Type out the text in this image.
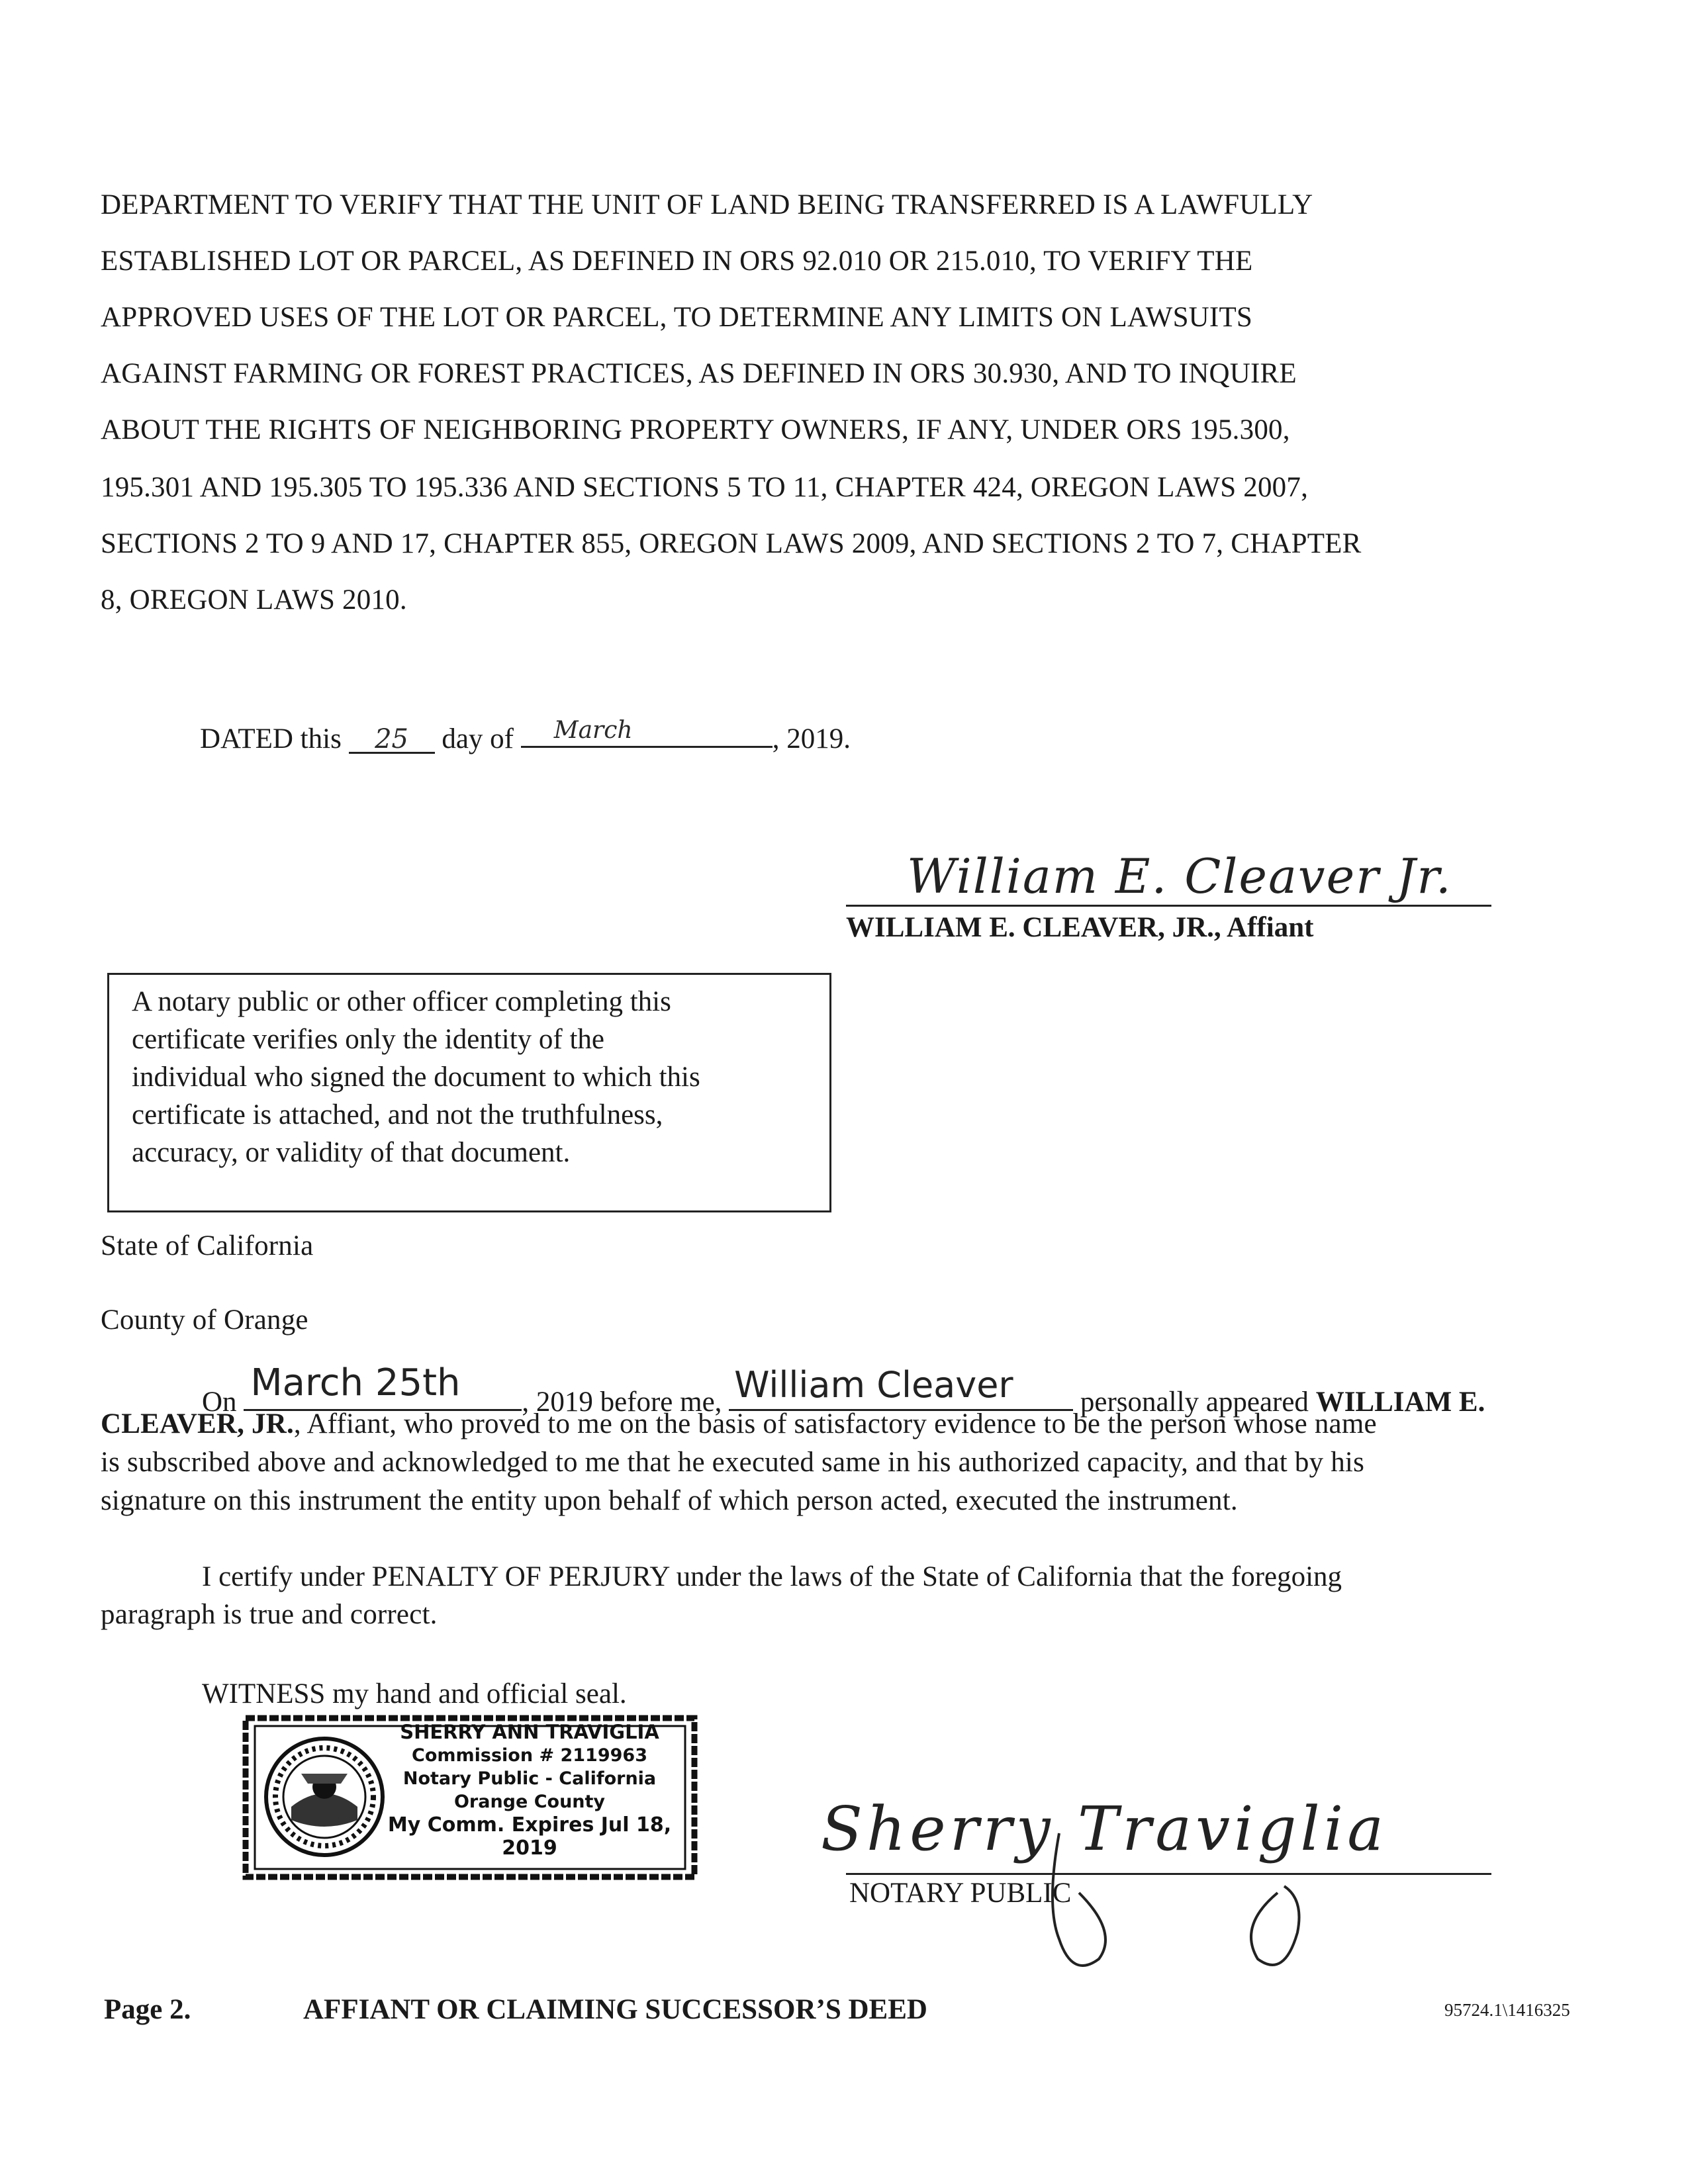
DEPARTMENT TO VERIFY THAT THE UNIT OF LAND BEING TRANSFERRED IS A LAWFULLY
ESTABLISHED LOT OR PARCEL, AS DEFINED IN ORS 92.010 OR 215.010, TO VERIFY THE
APPROVED USES OF THE LOT OR PARCEL, TO DETERMINE ANY LIMITS ON LAWSUITS
AGAINST FARMING OR FOREST PRACTICES, AS DEFINED IN ORS 30.930, AND TO INQUIRE
ABOUT THE RIGHTS OF NEIGHBORING PROPERTY OWNERS, IF ANY, UNDER ORS 195.300,
195.301 AND 195.305 TO 195.336 AND SECTIONS 5 TO 11, CHAPTER 424, OREGON LAWS 2007,
SECTIONS 2 TO 9 AND 17, CHAPTER 855, OREGON LAWS 2009, AND SECTIONS 2 TO 7, CHAPTER
8, OREGON LAWS 2010.
DATED this 25 day of March	, 2019.
William E. Cleaver Jr.
WILLIAM E. CLEAVER, JR., Affiant

A notary public or other officer completing this

certificate verifies only the identity of the

individual who signed the document to which this

certificate is attached, and not the truthfulness,

accuracy, or validity of that document.

State of California
County of Orange
On March 25th , 2019 before me, William Cleaver personally appeared WILLIAM E.
CLEAVER, JR., Affiant, who proved to me on the basis of satisfactory evidence to be the person whose name
is subscribed above and acknowledged to me that he executed same in his authorized capacity, and that by his
signature on this instrument the entity upon behalf of which person acted, executed the instrument.
I certify under PENALTY OF PERJURY under the laws of the State of California that the foregoing
paragraph is true and correct.
WITNESS my hand and official seal.
SHERRY ANN TRAVIGLIA
Commission # 2119963
Notary Public - California
Orange County
My Comm. Expires Jul 18, 2019	Sherry Traviglia
NOTARY PUBLIC
Page 2.	AFFIANT OR CLAIMING SUCCESSOR’S DEED	95724.1\1416325
